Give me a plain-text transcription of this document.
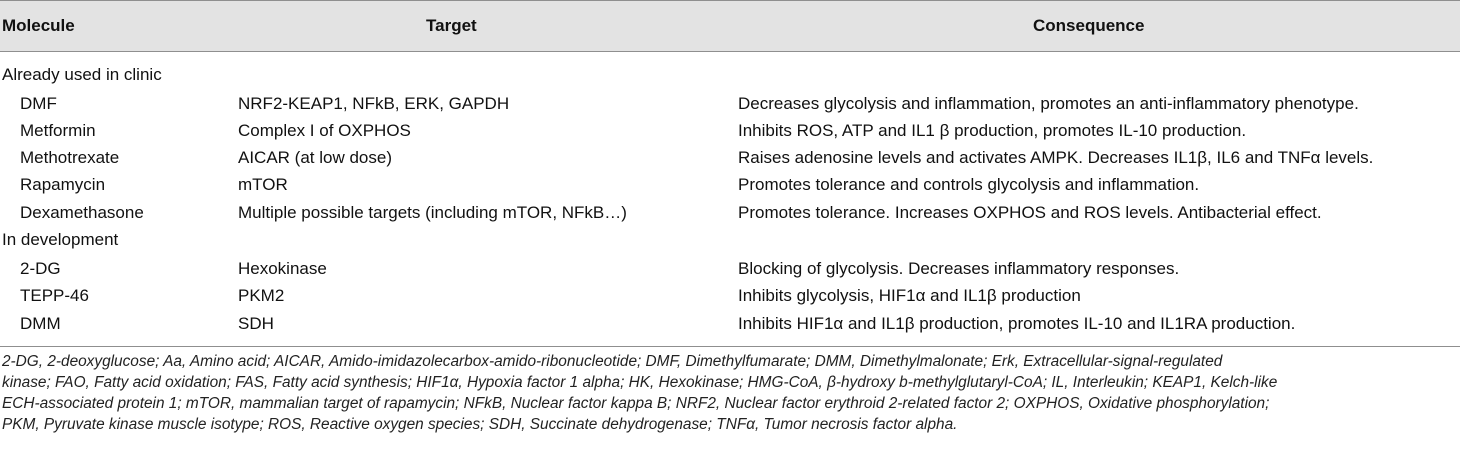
Molecule	Target	Consequence
Already used in clinic
DMF	NRF2-KEAP1, NFkB, ERK, GAPDH	Decreases glycolysis and inflammation, promotes an anti-inflammatory phenotype.
Metformin	Complex I of OXPHOS	Inhibits ROS, ATP and IL1 β production, promotes IL-10 production.
Methotrexate	AICAR (at low dose)	Raises adenosine levels and activates AMPK. Decreases IL1β, IL6 and TNFα levels.
Rapamycin	mTOR	Promotes tolerance and controls glycolysis and inflammation.
Dexamethasone	Multiple possible targets (including mTOR, NFkB…)	Promotes tolerance. Increases OXPHOS and ROS levels. Antibacterial effect.
In development
2-DG	Hexokinase	Blocking of glycolysis. Decreases inflammatory responses.
TEPP-46	PKM2	Inhibits glycolysis, HIF1α and IL1β production
DMM	SDH	Inhibits HIF1α and IL1β production, promotes IL-10 and IL1RA production.
2-DG, 2-deoxyglucose; Aa, Amino acid; AICAR, Amido-imidazolecarbox-amido-ribonucleotide; DMF, Dimethylfumarate; DMM, Dimethylmalonate; Erk, Extracellular-signal-regulated
kinase; FAO, Fatty acid oxidation; FAS, Fatty acid synthesis; HIF1α, Hypoxia factor 1 alpha; HK, Hexokinase; HMG-CoA, β-hydroxy b-methylglutaryl-CoA; IL, Interleukin; KEAP1, Kelch-like
ECH-associated protein 1; mTOR, mammalian target of rapamycin; NFkB, Nuclear factor kappa B; NRF2, Nuclear factor erythroid 2-related factor 2; OXPHOS, Oxidative phosphorylation;
PKM, Pyruvate kinase muscle isotype; ROS, Reactive oxygen species; SDH, Succinate dehydrogenase; TNFα, Tumor necrosis factor alpha.
